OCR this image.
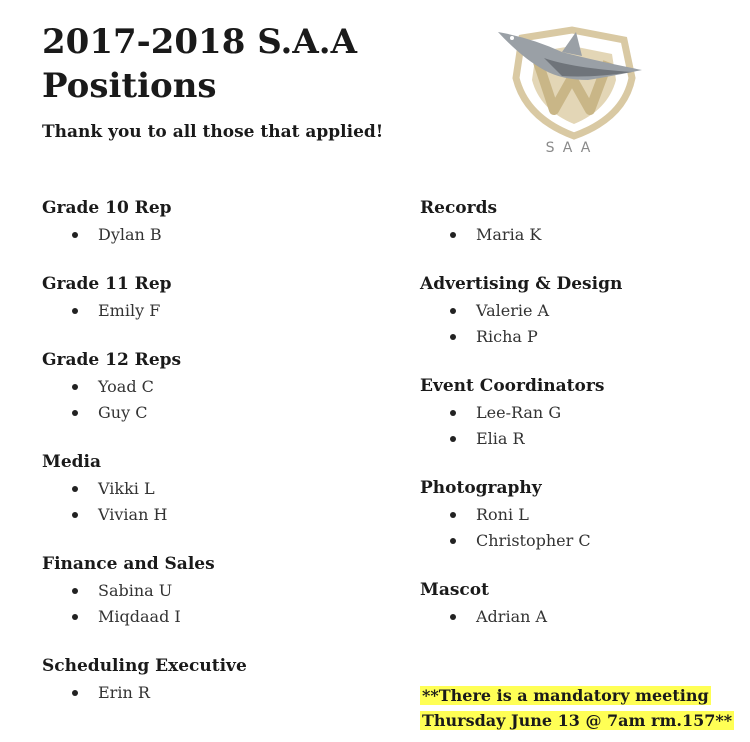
2017-2018 S.A.A Positions

Thank you to all those that applied!

SAA
Grade 10 Rep
Dylan B
Grade 11 Rep
Emily F
Grade 12 Reps
Yoad C
Guy C
Media
Vikki L
Vivian H
Finance and Sales
Sabina U
Miqdaad I
Scheduling Executive
Erin R
Records
Maria K
Advertising & Design
Valerie A
Richa P
Event Coordinators
Lee-Ran G
Elia R
Photography
Roni L
Christopher C
Mascot
Adrian A
**There is a mandatory meeting
Thursday June 13 @ 7am rm.157**
